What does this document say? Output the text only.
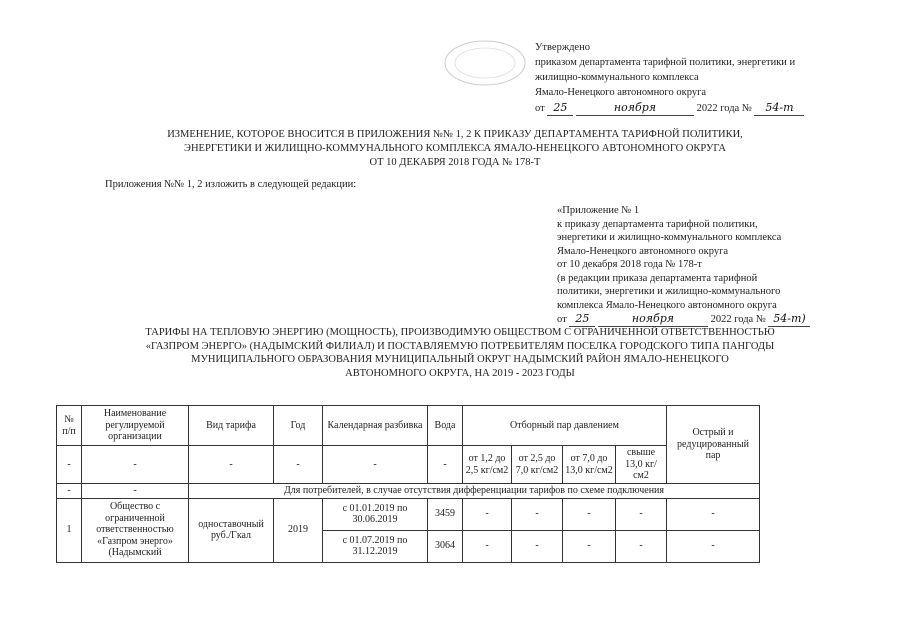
Утверждено
приказом департамента тарифной политики, энергетики и
жилищно-коммунального комплекса
Ямало-Ненецкого автономного округа
от 25	ноября	2022 года № 54-т
ИЗМЕНЕНИЕ, КОТОРОЕ ВНОСИТСЯ В ПРИЛОЖЕНИЯ №№ 1, 2 К ПРИКАЗУ ДЕПАРТАМЕНТА ТАРИФНОЙ ПОЛИТИКИ,
ЭНЕРГЕТИКИ И ЖИЛИЩНО-КОММУНАЛЬНОГО КОМПЛЕКСА ЯМАЛО-НЕНЕЦКОГО АВТОНОМНОГО ОКРУГА
ОТ 10 ДЕКАБРЯ 2018 ГОДА № 178-Т
Приложения №№ 1, 2 изложить в следующей редакции:
«Приложение № 1
к приказу департамента тарифной политики,
энергетики и жилищно-коммунального комплекса
Ямало-Ненецкого автономного округа
от 10 декабря 2018 года № 178-т
(в редакции приказа департамента тарифной
политики, энергетики и жилищно-коммунального
комплекса Ямало-Ненецкого автономного округа
от 25	ноября	2022 года № 54-т)
ТАРИФЫ НА ТЕПЛОВУЮ ЭНЕРГИЮ (МОЩНОСТЬ), ПРОИЗВОДИМУЮ ОБЩЕСТВОМ С ОГРАНИЧЕННОЙ ОТВЕТСТВЕННОСТЬЮ
«ГАЗПРОМ ЭНЕРГО» (НАДЫМСКИЙ ФИЛИАЛ) И ПОСТАВЛЯЕМУЮ ПОТРЕБИТЕЛЯМ ПОСЕЛКА ГОРОДСКОГО ТИПА ПАНГОДЫ
МУНИЦИПАЛЬНОГО ОБРАЗОВАНИЯ МУНИЦИПАЛЬНЫЙ ОКРУГ НАДЫМСКИЙ РАЙОН ЯМАЛО-НЕНЕЦКОГО
АВТОНОМНОГО ОКРУГА, НА 2019 - 2023 ГОДЫ
№ п/п	Наименование регулируемой организации	Вид тарифа	Год	Календарная разбивка	Вода	Отборный пар давлением				Острый и редуцированный пар
-	-	-	-	-	-	от 1,2 до 2,5 кг/см2	от 2,5 до 7,0 кг/см2	от 7,0 до 13,0 кг/см2	свыше 13,0 кг/см2	
-	-	Для потребителей, в случае отсутствия дифференциации тарифов по схеме подключения								
1	Общество с ограниченной ответственностью «Газпром энерго» (Надымский	одноставочный руб./Гкал	2019	с 01.01.2019 по 30.06.2019	3459	-	-	-	-	-
				с 01.07.2019 по 31.12.2019	3064	-	-	-	-	-
